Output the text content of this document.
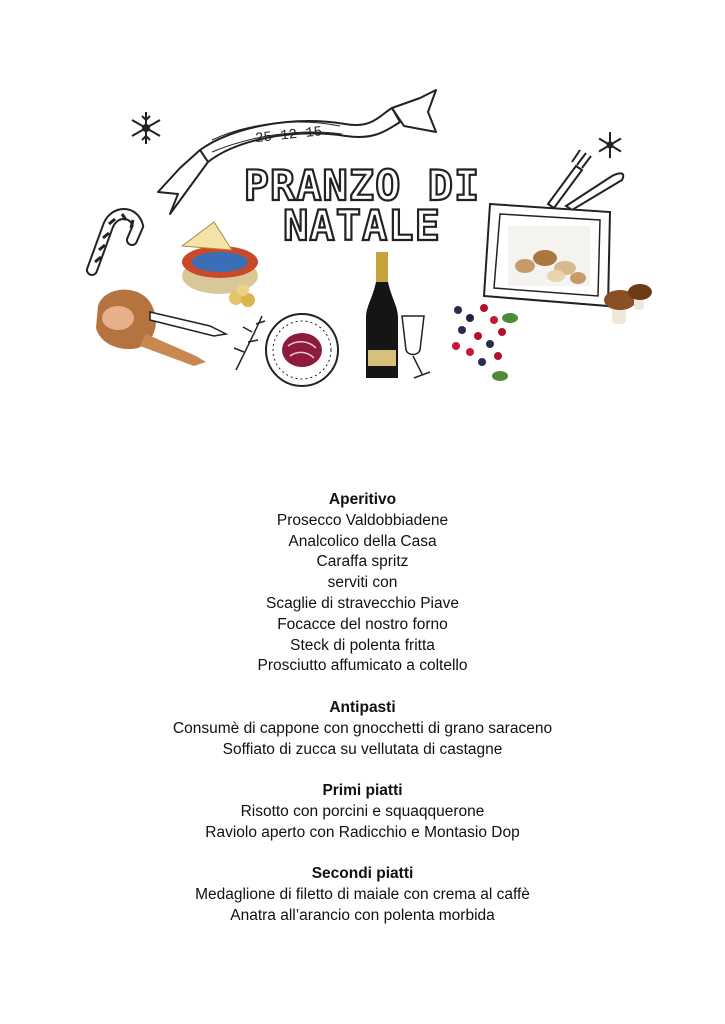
25 12 15
PRANZO DI
NATALE
Aperitivo
Prosecco Valdobbiadene
Analcolico della Casa
Caraffa spritz
serviti con
Scaglie di stravecchio Piave
Focacce del nostro forno
Steck di polenta fritta
Prosciutto affumicato a coltello
Antipasti
Consumè di cappone con gnocchetti di grano saraceno
Soffiato di zucca su vellutata di castagne
Primi piatti
Risotto con porcini e squaqquerone
Raviolo aperto con Radicchio e Montasio Dop
Secondi piatti
Medaglione di filetto di maiale con crema al caffè
Anatra all’arancio con polenta morbida
